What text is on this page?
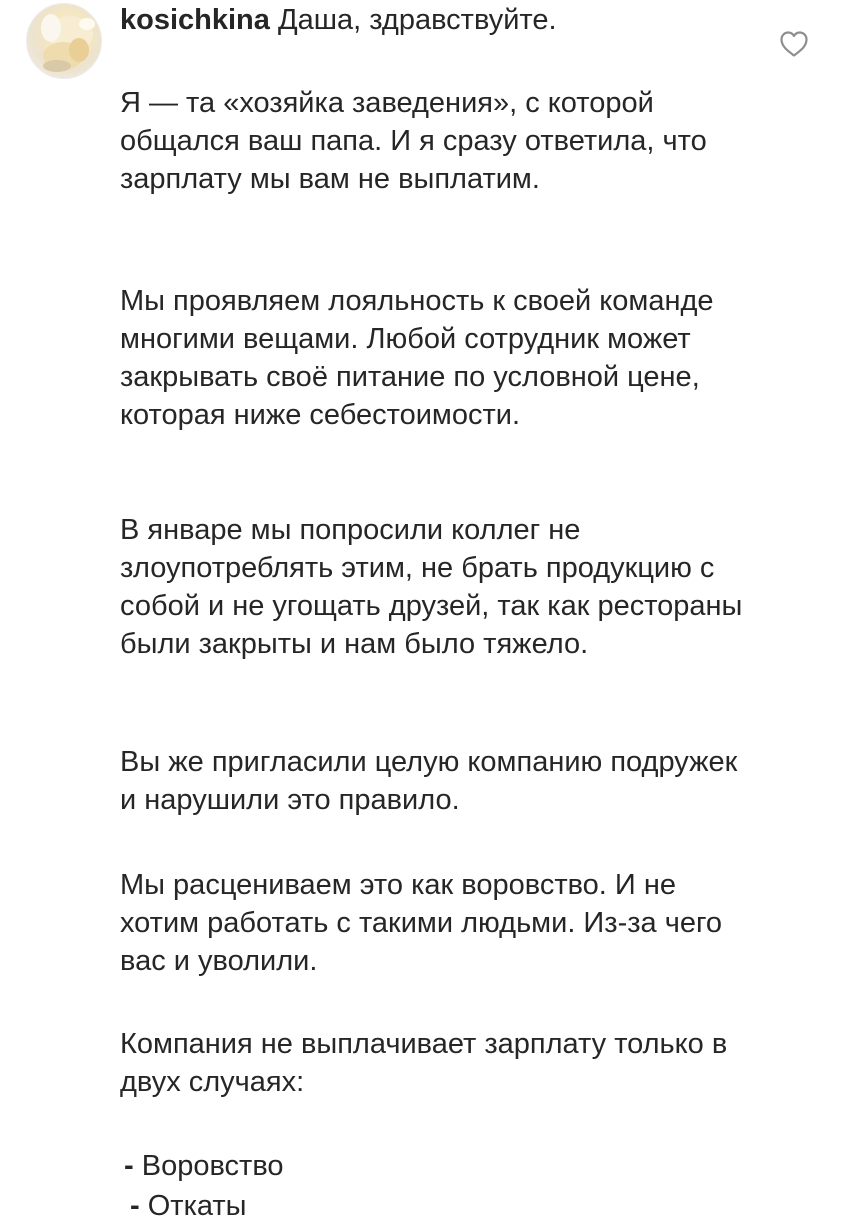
kosichkina Даша, здравствуйте.

Я — та «хозяйка заведения», с которой общался ваш папа. И я сразу ответила, что зарплату мы вам не выплатим.

Мы проявляем лояльность к своей команде многими вещами. Любой сотрудник может закрывать своё питание по условной цене, которая ниже себестоимости.

В январе мы попросили коллег не злоупотреблять этим, не брать продукцию с собой и не угощать друзей, так как рестораны были закрыты и нам было тяжело.

Вы же пригласили целую компанию подружек и нарушили это правило.

Мы расцениваем это как воровство. И не хотим работать с такими людьми. Из-за чего вас и уволили.

Компания не выплачивает зарплату только в двух случаях:

- Воровство
- Откаты
